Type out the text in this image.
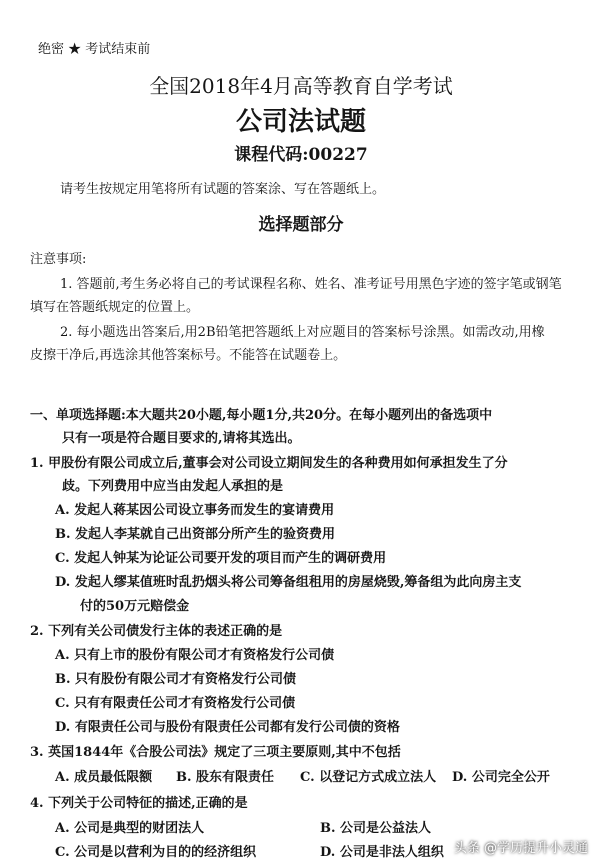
绝密 ★ 考试结束前
全国2018年4月高等教育自学考试
公司法试题
课程代码:00227
请考生按规定用笔将所有试题的答案涂、写在答题纸上。
选择题部分
注意事项:
1. 答题前,考生务必将自己的考试课程名称、姓名、准考证号用黑色字迹的签字笔或钢笔
填写在答题纸规定的位置上。
2. 每小题选出答案后,用2B铅笔把答题纸上对应题目的答案标号涂黑。如需改动,用橡
皮擦干净后,再选涂其他答案标号。不能答在试题卷上。
一、单项选择题:本大题共20小题,每小题1分,共20分。在每小题列出的备选项中
只有一项是符合题目要求的,请将其选出。
1. 甲股份有限公司成立后,董事会对公司设立期间发生的各种费用如何承担发生了分
歧。下列费用中应当由发起人承担的是
A. 发起人蒋某因公司设立事务而发生的宴请费用
B. 发起人李某就自己出资部分所产生的验资费用
C. 发起人钟某为论证公司要开发的项目而产生的调研费用
D. 发起人缪某值班时乱扔烟头将公司筹备组租用的房屋烧毁,筹备组为此向房主支
付的50万元赔偿金
2. 下列有关公司债发行主体的表述正确的是
A. 只有上市的股份有限公司才有资格发行公司债
B. 只有股份有限公司才有资格发行公司债
C. 只有有限责任公司才有资格发行公司债
D. 有限责任公司与股份有限责任公司都有发行公司债的资格
3. 英国1844年《合股公司法》规定了三项主要原则,其中不包括
A. 成员最低限额 B. 股东有限责任 C. 以登记方式成立法人 D. 公司完全公开
4. 下列关于公司特征的描述,正确的是
A. 公司是典型的财团法人	B. 公司是公益法人
C. 公司是以营利为目的的经济组织	D. 公司是非法人组织 头条 @学历提升小灵通
